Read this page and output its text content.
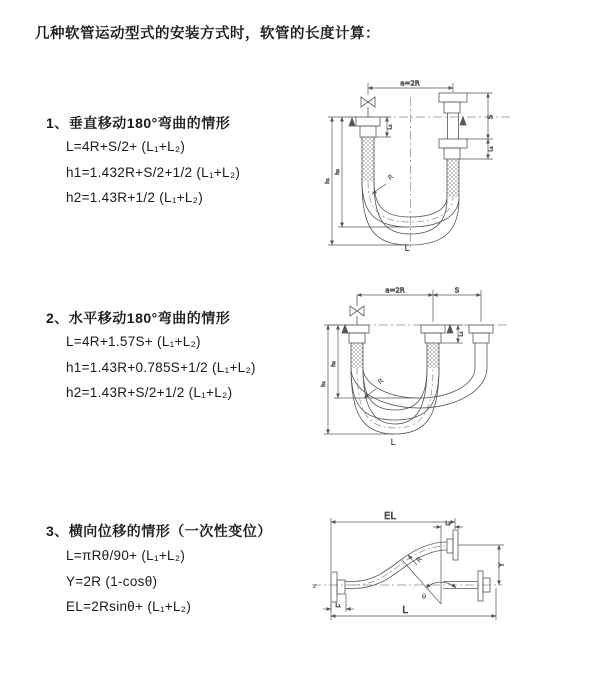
几种软管运动型式的安装方式时，软管的长度计算：
1、垂直移动180°弯曲的情形
L=4R+S/2+ (L₁+L₂)
h1=1.432R+S/2+1/2 (L₁+L₂)
h2=1.43R+1/2 (L₁+L₂)
a=2R
L₁
S
L₂
h₂
h₁	R
L
2、水平移动180°弯曲的情形
L=4R+1.57S+ (L₁+L₂)
h1=1.43R+0.785S+1/2 (L₁+L₂)
h2=1.43R+S/2+1/2 (L₁+L₂)
a=2R	S
L₁
h₂
h₁	R
L
3、横向位移的情形（一次性变位）
L=πRθ/90+ (L₁+L₂)
Y=2R (1-cosθ)
EL=2Rsinθ+ (L₁+L₂)
z
EL
L₂
Y
θ
R
L₁	L
